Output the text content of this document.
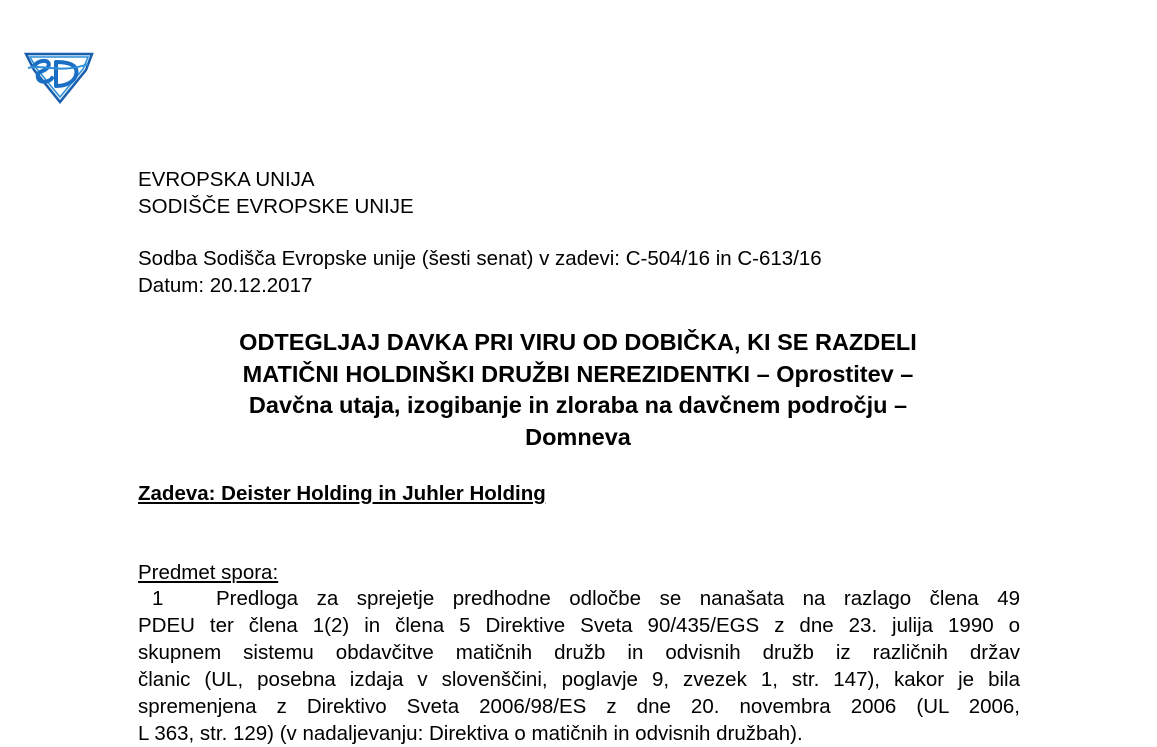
EVROPSKA UNIJA
SODIŠČE EVROPSKE UNIJE
Sodba Sodišča Evropske unije (šesti senat) v zadevi: C-504/16 in C-613/16
Datum: 20.12.2017
ODTEGLJAJ DAVKA PRI VIRU OD DOBIČKA, KI SE RAZDELI
MATIČNI HOLDINŠKI DRUŽBI NEREZIDENTKI – Oprostitev –
Davčna utaja, izogibanje in zloraba na davčnem področju –
Domneva
Zadeva: Deister Holding in Juhler Holding
Predmet spora:
1	Predloga za sprejetje predhodne odločbe se nanašata na razlago člena 49
PDEU ter člena 1(2) in člena 5 Direktive Sveta 90/435/EGS z dne 23. julija 1990 o
skupnem sistemu obdavčitve matičnih družb in odvisnih družb iz različnih držav
članic (UL, posebna izdaja v slovenščini, poglavje 9, zvezek 1, str. 147), kakor je bila
spremenjena z Direktivo Sveta 2006/98/ES z dne 20. novembra 2006 (UL 2006,
L 363, str. 129) (v nadaljevanju: Direktiva o matičnih in odvisnih družbah).
